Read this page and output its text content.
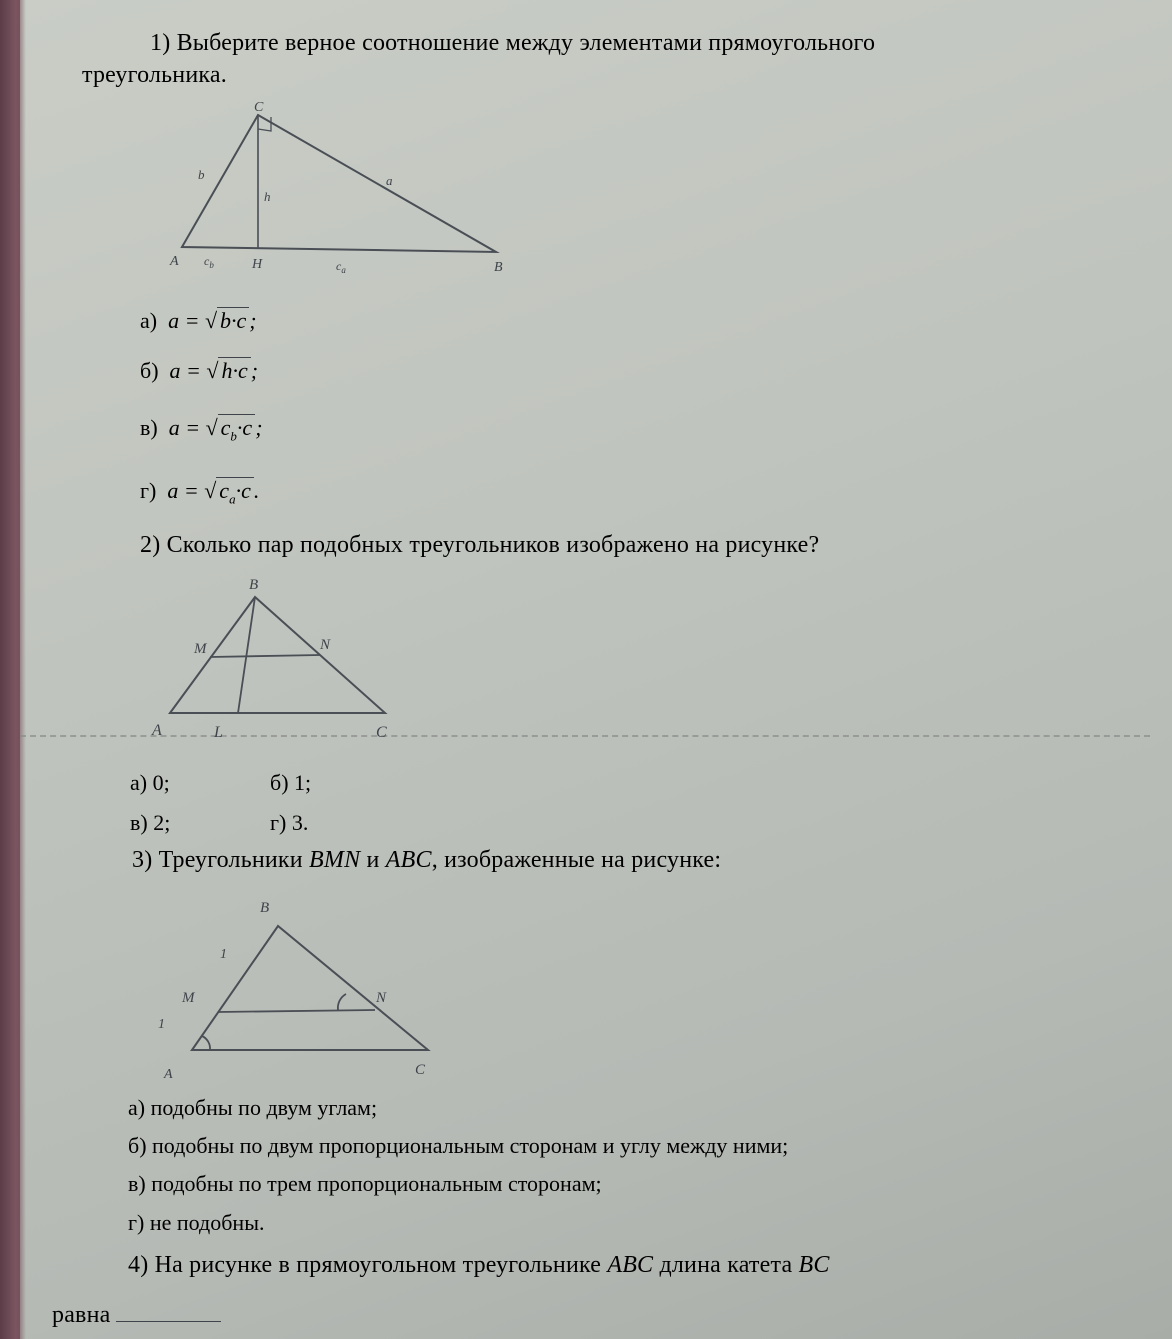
1) Выберите верное соотношение между элементами прямоугольного
треугольника.
C
A	H	B
b	a
h
$c_b$	$c_a$
а) a = √ b·c ;
б) a = √ h·c ;
в) a = √ $c_b\cdot c$ ;
г) a = √ $c_a\cdot c$ .
2) Сколько пар подобных треугольников изображено на рисунке?
B
M	N
A	L	C
а) 0;	б) 1;
в) 2;	г) 3.
3) Треугольники BMN и ABC, изображенные на рисунке:
B
M	N
A	C
1
1
а) подобны по двум углам;
б) подобны по двум пропорциональным сторонам и углу между ними;
в) подобны по трем пропорциональным сторонам;
г) не подобны.
4) На рисунке в прямоугольном треугольнике ABC длина катета BC
равна
